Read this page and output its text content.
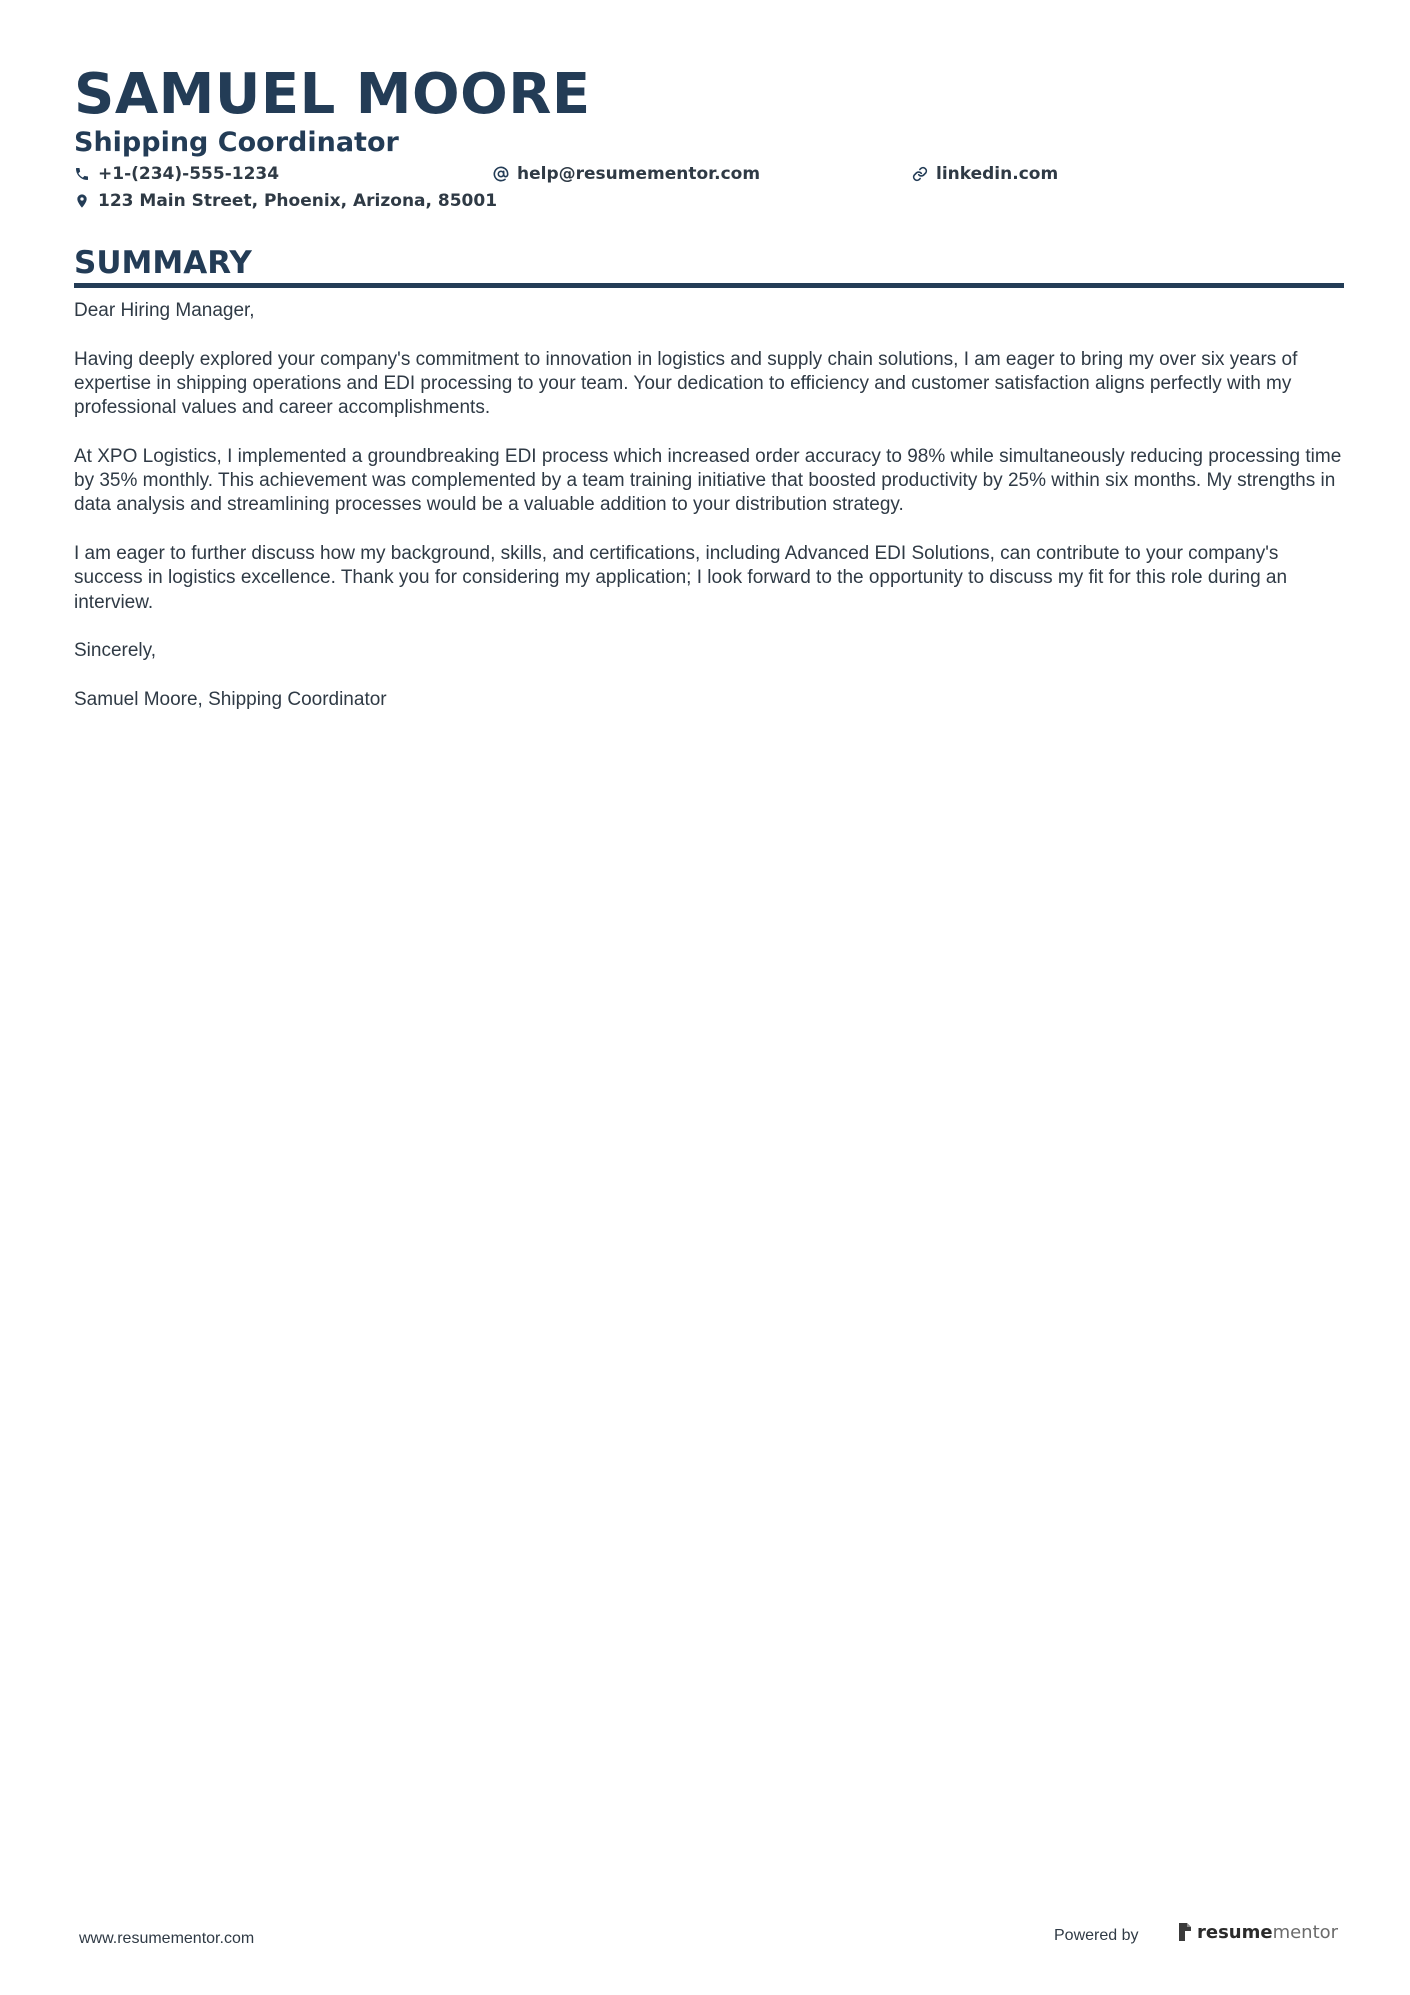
SAMUEL MOORE
Shipping Coordinator
+1-(234)-555-1234	help@resumementor.com	linkedin.com
123 Main Street, Phoenix, Arizona, 85001
SUMMARY

Dear Hiring Manager,

Having deeply explored your company's commitment to innovation in logistics and supply chain solutions, I am eager to bring my over six years of expertise in shipping operations and EDI processing to your team. Your dedication to efficiency and customer satisfaction aligns perfectly with my professional values and career accomplishments.

At XPO Logistics, I implemented a groundbreaking EDI process which increased order accuracy to 98% while simultaneously reducing processing time by 35% monthly. This achievement was complemented by a team training initiative that boosted productivity by 25% within six months. My strengths in data analysis and streamlining processes would be a valuable addition to your distribution strategy.

I am eager to further discuss how my background, skills, and certifications, including Advanced EDI Solutions, can contribute to your company's success in logistics excellence. Thank you for considering my application; I look forward to the opportunity to discuss my fit for this role during an interview.

Sincerely,

Samuel Moore, Shipping Coordinator

www.resumementor.com	Powered by	resume mentor
